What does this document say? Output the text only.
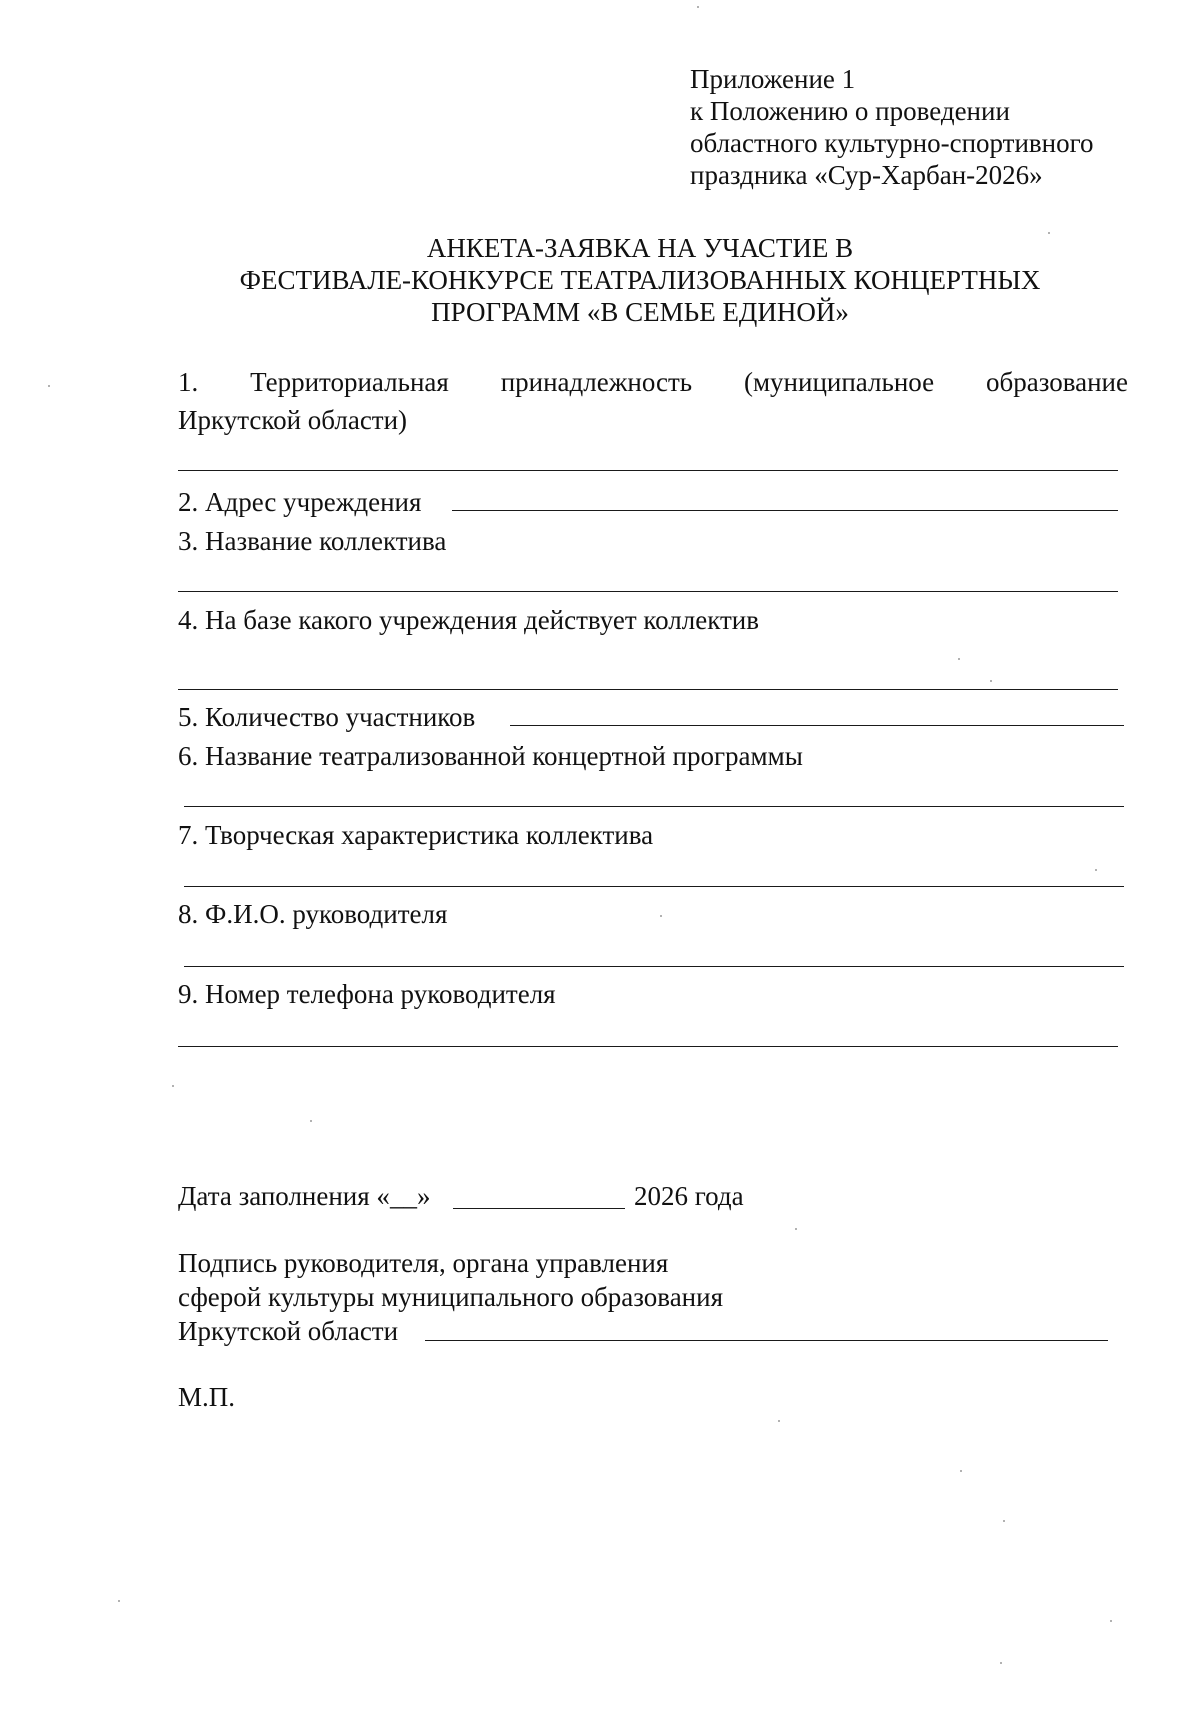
Приложение 1
к Положению о проведении
областного культурно-спортивного
праздника «Сур-Харбан-2026»
АНКЕТА-ЗАЯВКА НА УЧАСТИЕ В
ФЕСТИВАЛЕ-КОНКУРСЕ ТЕАТРАЛИЗОВАННЫХ КОНЦЕРТНЫХ
ПРОГРАММ «В СЕМЬЕ ЕДИНОЙ»
1. Территориальная принадлежность (муниципальное образование
Иркутской области)
2. Адрес учреждения
3. Название коллектива
4. На базе какого учреждения действует коллектив
5. Количество участников
6. Название театрализованной концертной программы
7. Творческая характеристика коллектива
8. Ф.И.О. руководителя
9. Номер телефона руководителя
Дата заполнения «__»	2026 года
Подпись руководителя, органа управления
сферой культуры муниципального образования
Иркутской области
М.П.
